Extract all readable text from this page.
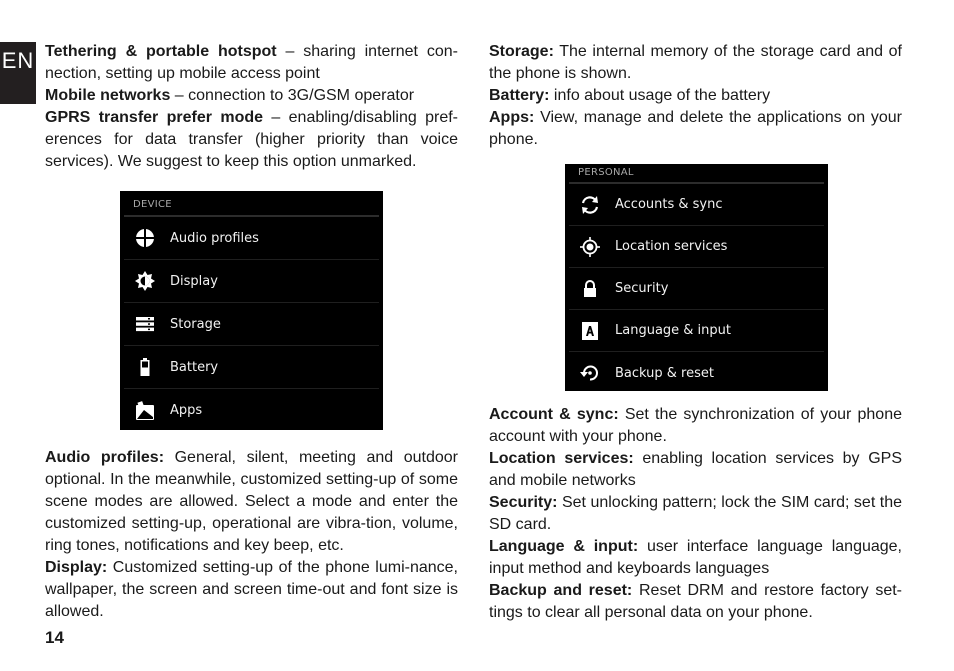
EN Tethering & portable hotspot – sharing internet con-nection, setting up mobile access point

Mobile networks – connection to 3G/GSM operator

GPRS transfer prefer mode – enabling/disabling pref-erences for data transfer (higher priority than voice services). We suggest to keep this option unmarked.

DEVICE
Audio profiles
Display
Storage
Battery
Apps

Audio profiles: General, silent, meeting and outdoor optional. In the meanwhile, customized setting-up of some scene modes are allowed. Select a mode and enter the customized setting-up, operational are vibra-tion, volume, ring tones, notifications and key beep, etc.

Display: Customized setting-up of the phone lumi-nance, wallpaper, the screen and screen time-out and font size is allowed.

Storage: The internal memory of the storage card and of the phone is shown.

Battery: info about usage of the battery

Apps: View, manage and delete the applications on your phone.

PERSONAL
Accounts & sync
Location services
Security
Language & input
Backup & reset

Account & sync: Set the synchronization of your phone account with your phone.

Location services: enabling location services by GPS and mobile networks

Security: Set unlocking pattern; lock the SIM card; set the SD card.

Language & input: user interface language language, input method and keyboards languages

Backup and reset: Reset DRM and restore factory set-tings to clear all personal data on your phone.

14
